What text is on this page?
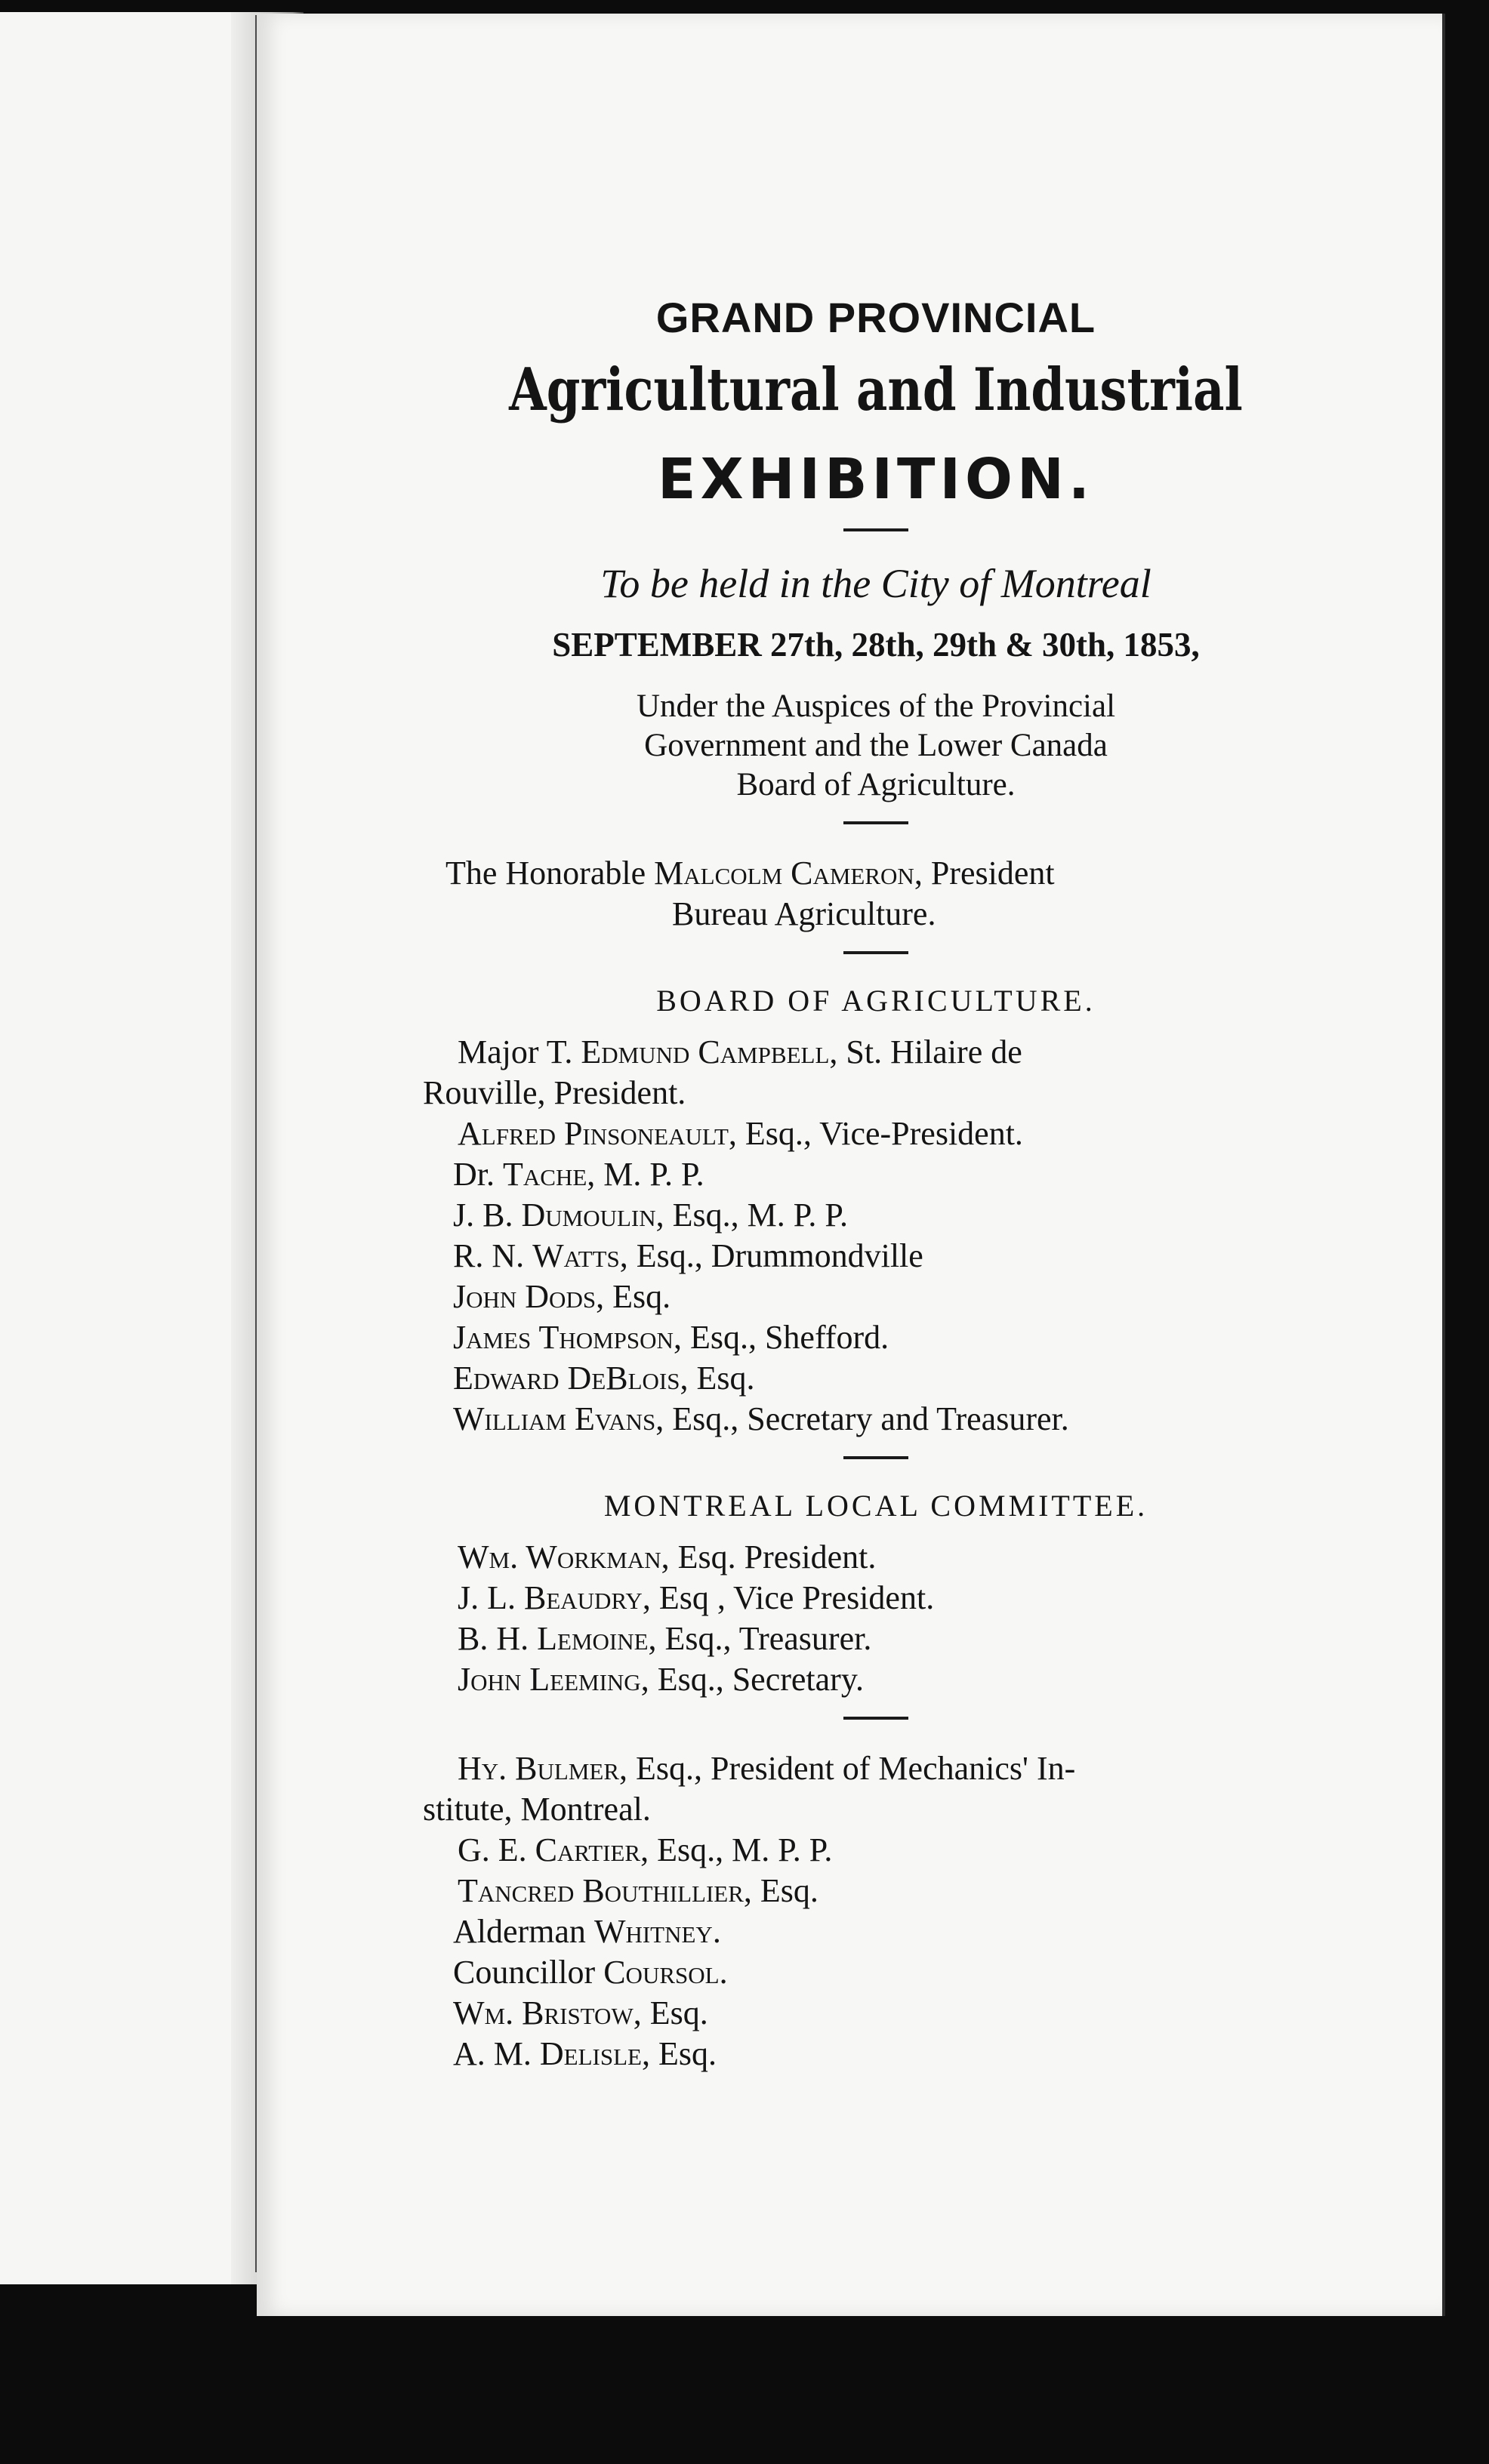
GRAND PROVINCIAL
Agricultural and Industrial
EXHIBITION.
To be held in the City of Montreal
SEPTEMBER 27th, 28th, 29th & 30th, 1853,

Under the Auspices of the Provincial

Government and the Lower Canada

Board of Agriculture.

The Honorable Malcolm Cameron, President
Bureau Agriculture.
BOARD OF AGRICULTURE.
Major T. Edmund Campbell, St. Hilaire de
Rouville, President.
Alfred Pinsoneault, Esq., Vice-President.
Dr. Tache, M. P. P.
J. B. Dumoulin, Esq., M. P. P.
R. N. Watts, Esq., Drummondville
John Dods, Esq.
James Thompson, Esq., Shefford.
Edward DeBlois, Esq.
William Evans, Esq., Secretary and Treasurer.
MONTREAL LOCAL COMMITTEE.
Wm. Workman, Esq. President.
J. L. Beaudry, Esq , Vice President.
B. H. Lemoine, Esq., Treasurer.
John Leeming, Esq., Secretary.
Hy. Bulmer, Esq., President of Mechanics' In-
stitute, Montreal.
G. E. Cartier, Esq., M. P. P.
Tancred Bouthillier, Esq.
Alderman Whitney.
Councillor Coursol.
Wm. Bristow, Esq.
A. M. Delisle, Esq.
